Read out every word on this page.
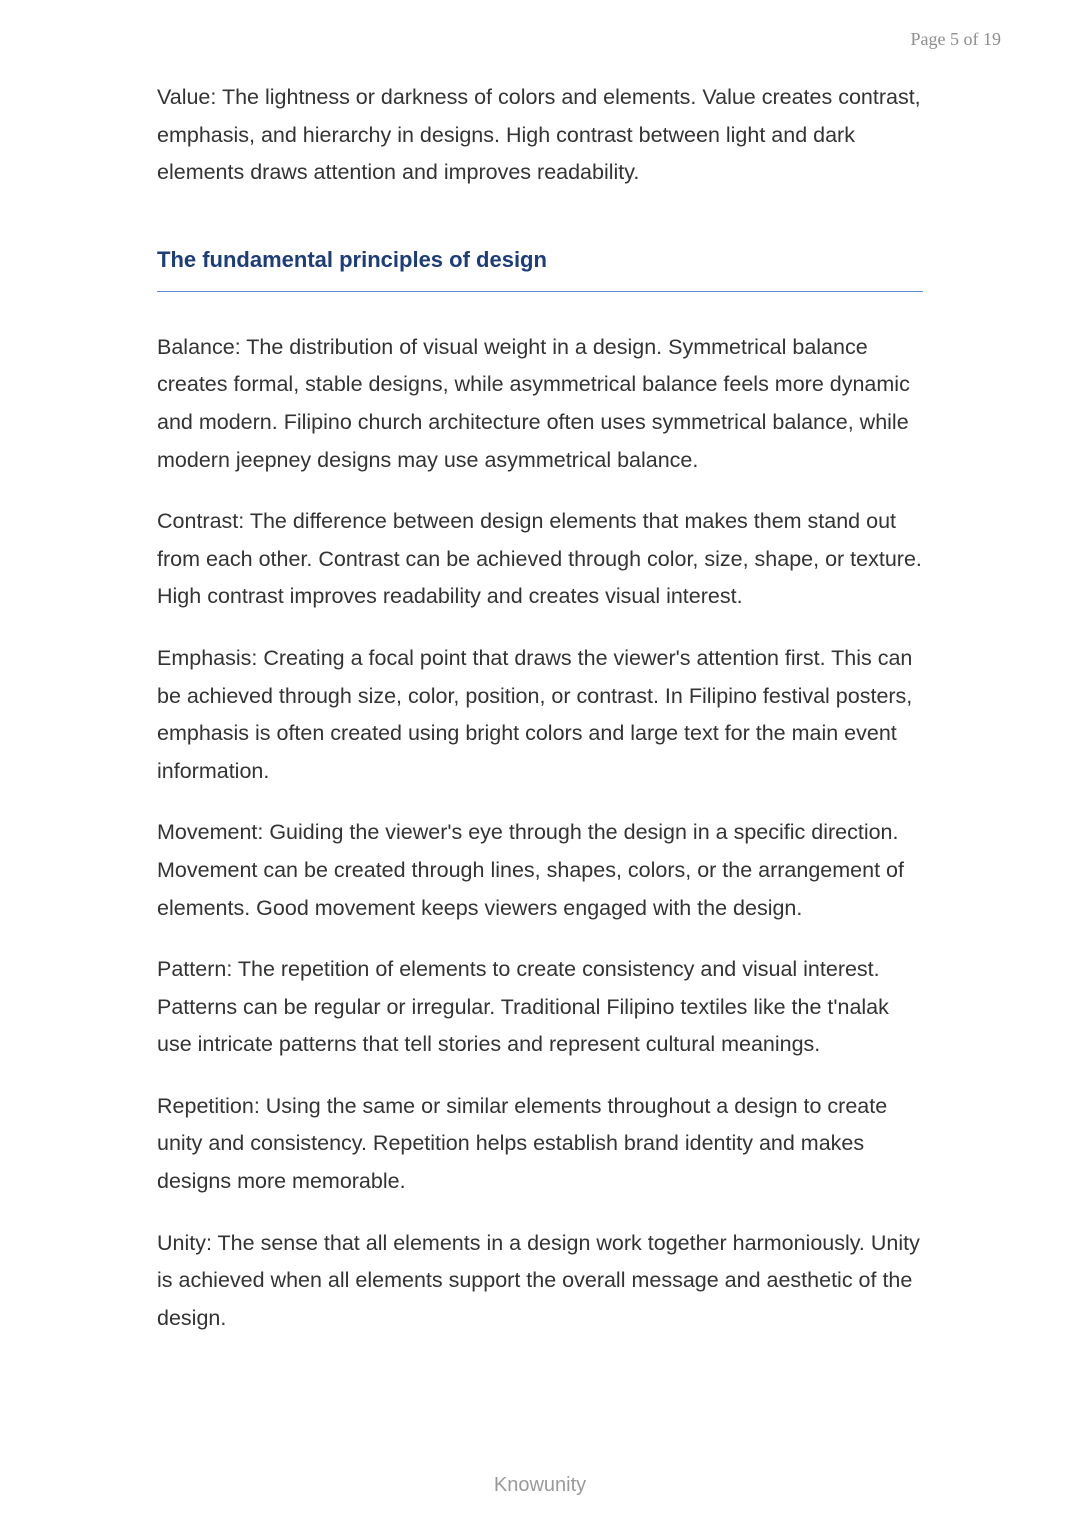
Page 5 of 19

Value: The lightness or darkness of colors and elements. Value creates contrast, emphasis, and hierarchy in designs. High contrast between light and dark elements draws attention and improves readability.

The fundamental principles of design

Balance: The distribution of visual weight in a design. Symmetrical balance creates formal, stable designs, while asymmetrical balance feels more dynamic and modern. Filipino church architecture often uses symmetrical balance, while modern jeepney designs may use asymmetrical balance.

Contrast: The difference between design elements that makes them stand out from each other. Contrast can be achieved through color, size, shape, or texture. High contrast improves readability and creates visual interest.

Emphasis: Creating a focal point that draws the viewer's attention first. This can be achieved through size, color, position, or contrast. In Filipino festival posters, emphasis is often created using bright colors and large text for the main event information.

Movement: Guiding the viewer's eye through the design in a specific direction. Movement can be created through lines, shapes, colors, or the arrangement of elements. Good movement keeps viewers engaged with the design.

Pattern: The repetition of elements to create consistency and visual interest. Patterns can be regular or irregular. Traditional Filipino textiles like the t'nalak use intricate patterns that tell stories and represent cultural meanings.

Repetition: Using the same or similar elements throughout a design to create unity and consistency. Repetition helps establish brand identity and makes designs more memorable.

Unity: The sense that all elements in a design work together harmoniously. Unity is achieved when all elements support the overall message and aesthetic of the design.

Knowunity
